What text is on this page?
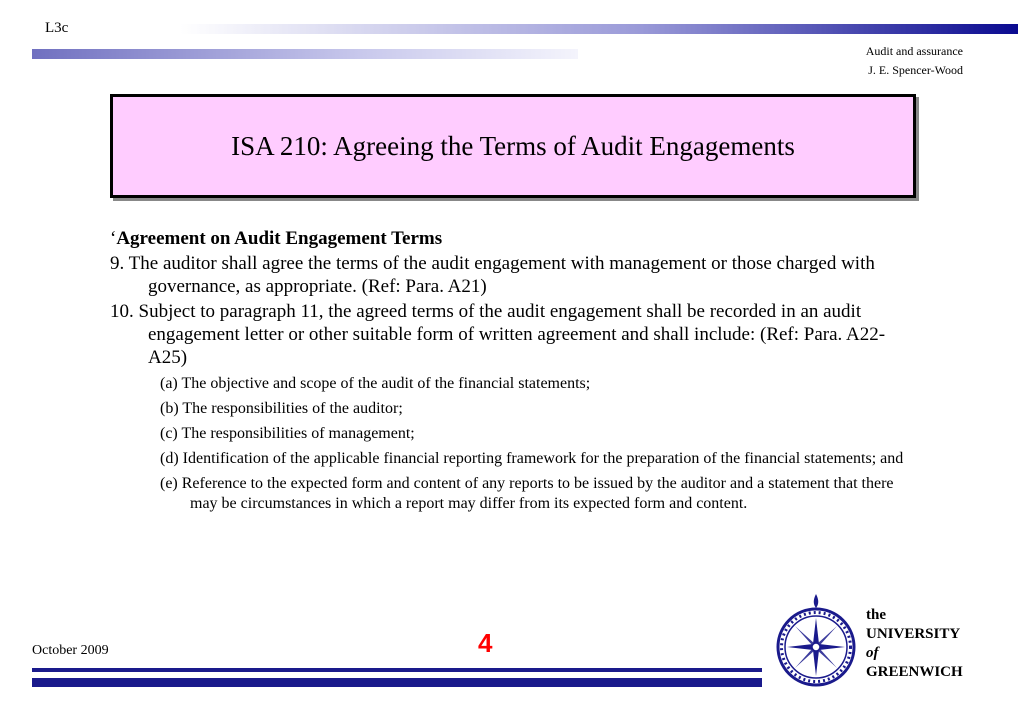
L3c
Audit and assurance
J. E. Spencer-Wood
ISA 210: Agreeing the Terms of Audit Engagements
‘Agreement on Audit Engagement Terms
9. The auditor shall agree the terms of the audit engagement with management or those charged with governance, as appropriate. (Ref: Para. A21)
10. Subject to paragraph 11, the agreed terms of the audit engagement shall be recorded in an audit engagement letter or other suitable form of written agreement and shall include: (Ref: Para. A22-A25)
(a) The objective and scope of the audit of the financial statements;
(b) The responsibilities of the auditor;
(c) The responsibilities of management;
(d) Identification of the applicable financial reporting framework for the preparation of the financial statements; and
(e) Reference to the expected form and content of any reports to be issued by the auditor and a statement that there may be circumstances in which a report may differ from its expected form and content.
October 2009	4
the
UNIVERSITY
of
GREENWICH
